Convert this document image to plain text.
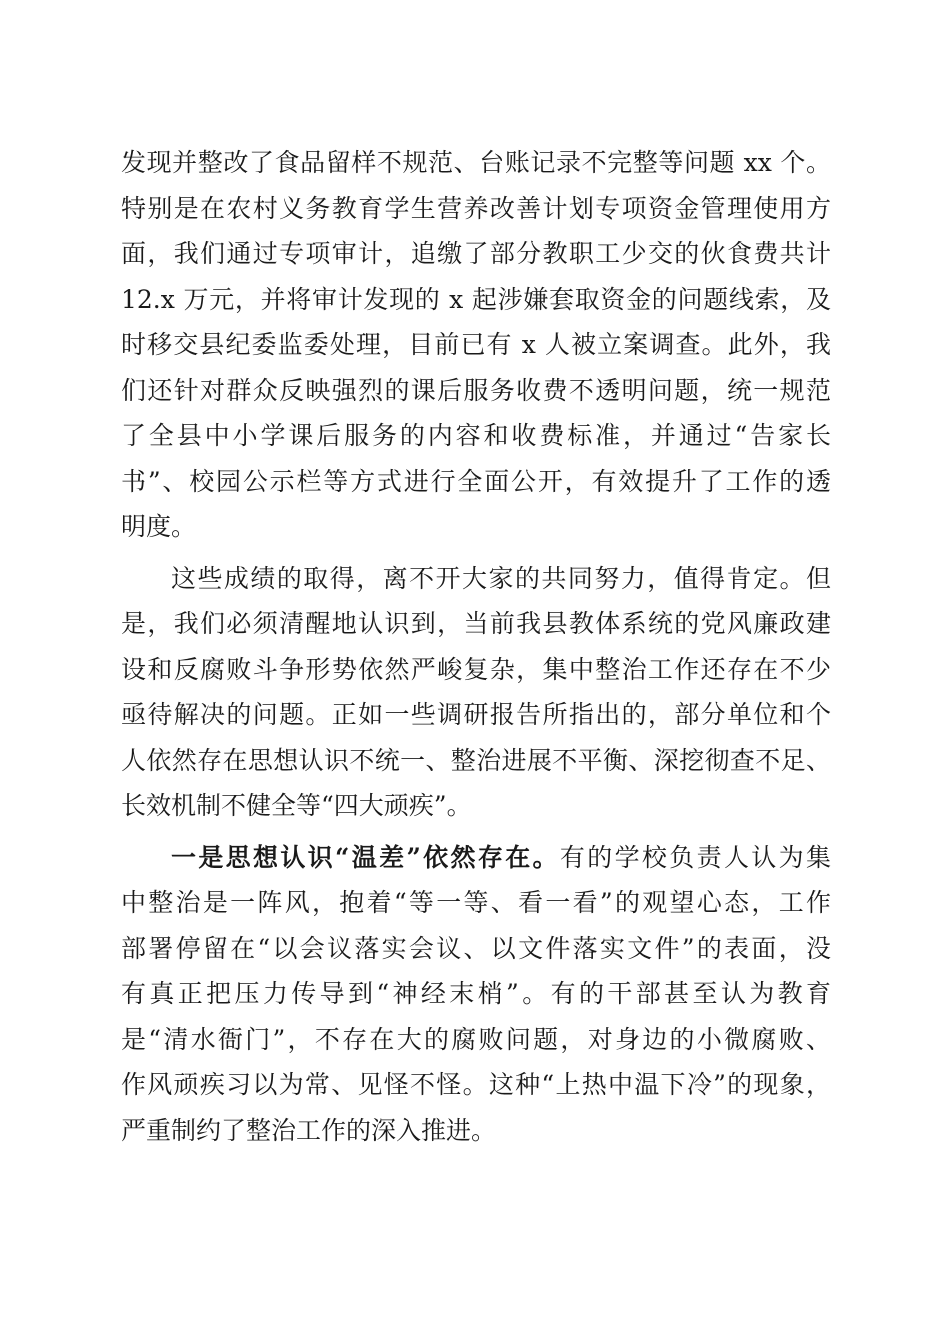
发现并整改了食品留样不规范、台账记录不完整等问题 xx 个。
特别是在农村义务教育学生营养改善计划专项资金管理使用方
面，我们通过专项审计，追缴了部分教职工少交的伙食费共计
12.x 万元，并将审计发现的 x 起涉嫌套取资金的问题线索，及
时移交县纪委监委处理，目前已有 x 人被立案调查。此外，我
们还针对群众反映强烈的课后服务收费不透明问题，统一规范
了全县中小学课后服务的内容和收费标准，并通过“告家长
书”、校园公示栏等方式进行全面公开，有效提升了工作的透
明度。
这些成绩的取得，离不开大家的共同努力，值得肯定。但
是，我们必须清醒地认识到，当前我县教体系统的党风廉政建
设和反腐败斗争形势依然严峻复杂，集中整治工作还存在不少
亟待解决的问题。正如一些调研报告所指出的，部分单位和个
人依然存在思想认识不统一、整治进展不平衡、深挖彻查不足、
长效机制不健全等“四大顽疾”。
一是思想认识“温差”依然存在。有的学校负责人认为集
中整治是一阵风，抱着“等一等、看一看”的观望心态，工作
部署停留在“以会议落实会议、以文件落实文件”的表面，没
有真正把压力传导到“神经末梢”。有的干部甚至认为教育
是“清水衙门”，不存在大的腐败问题，对身边的小微腐败、
作风顽疾习以为常、见怪不怪。这种“上热中温下冷”的现象，
严重制约了整治工作的深入推进。
